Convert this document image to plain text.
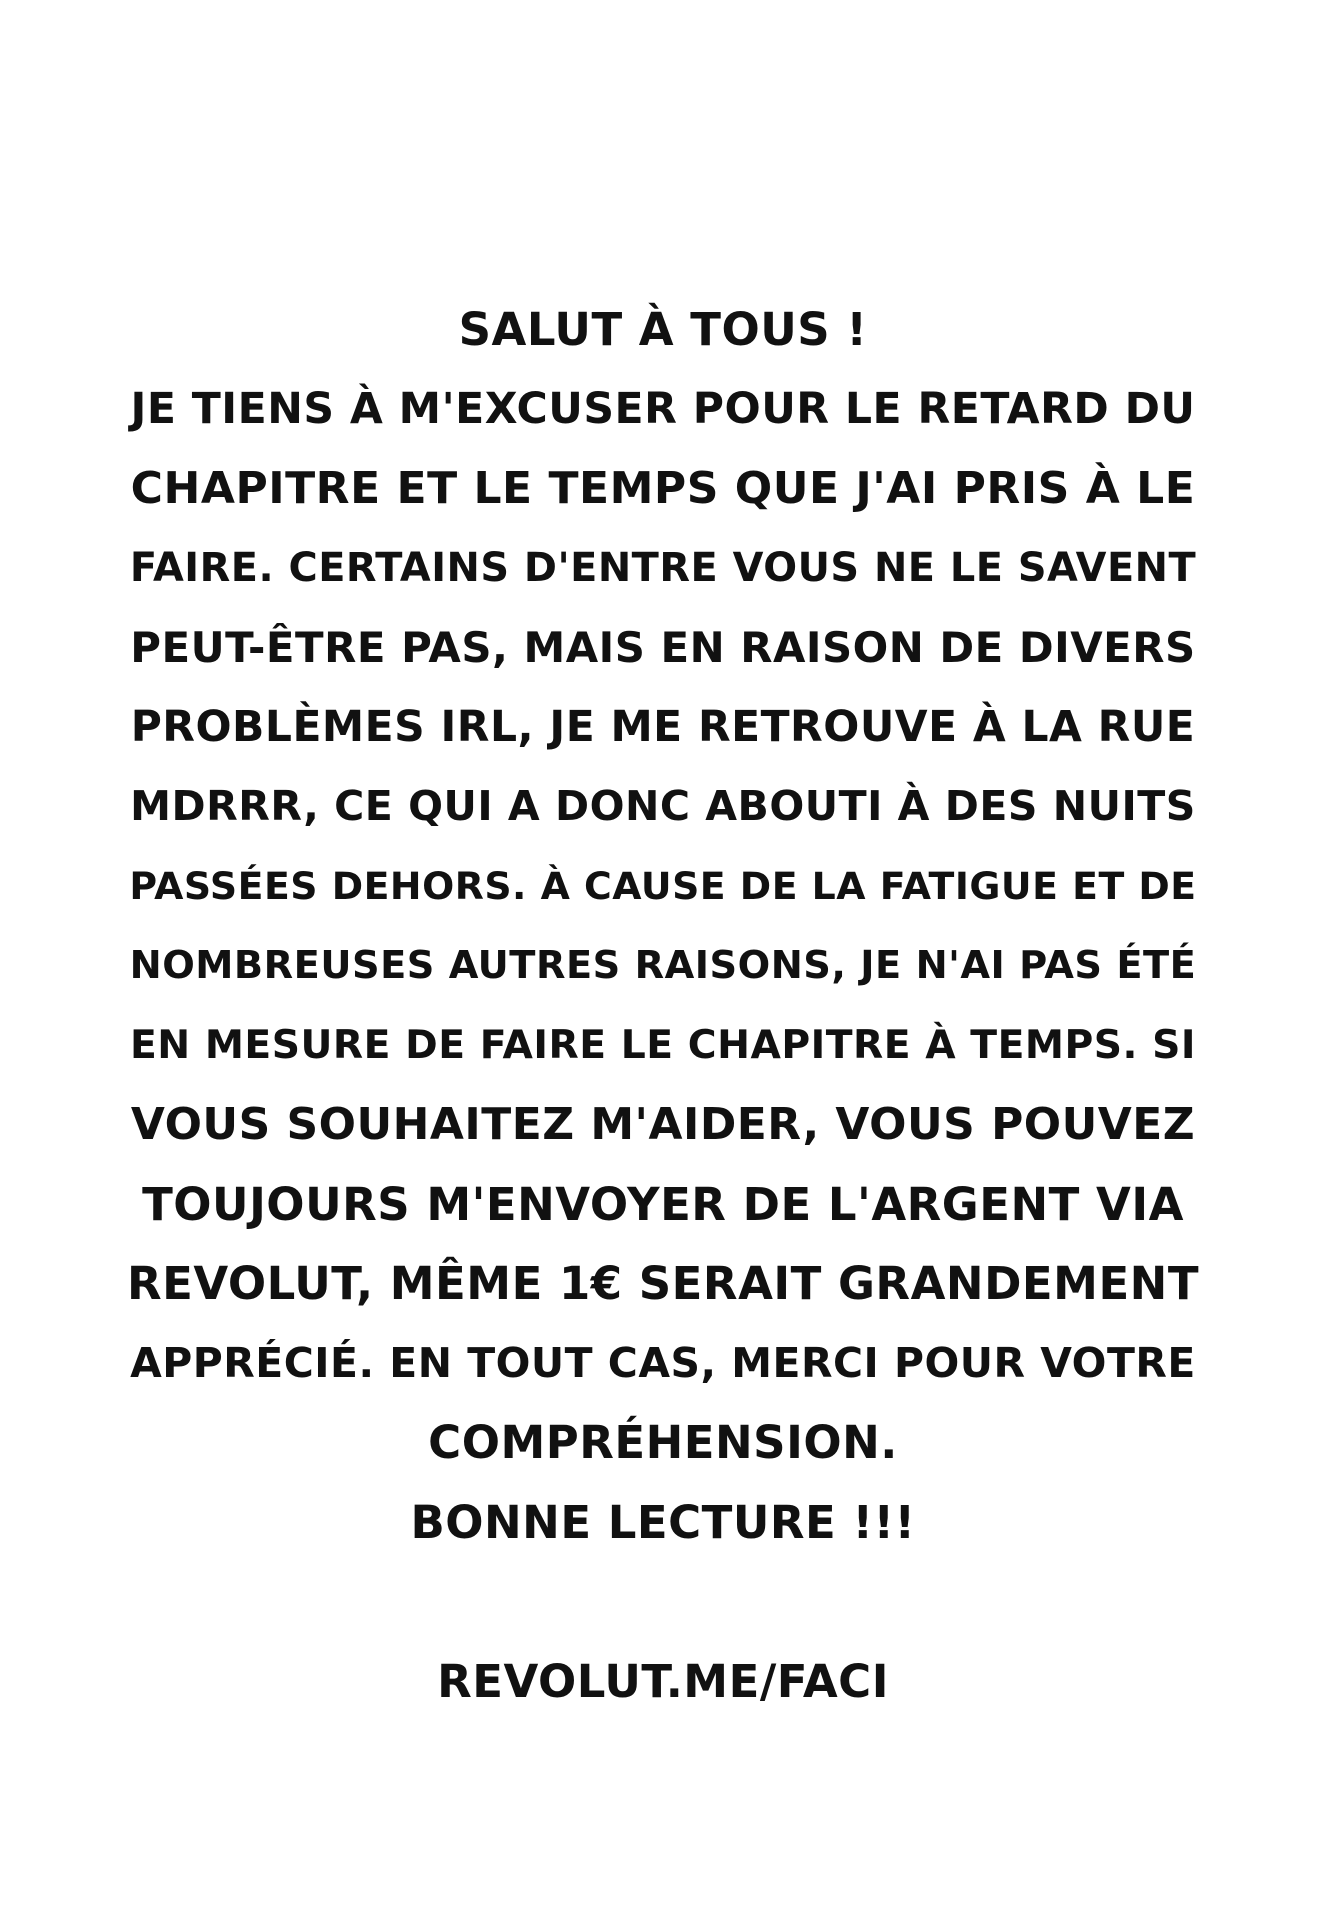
SALUT À TOUS !
JE TIENS À M'EXCUSER POUR LE RETARD DU
CHAPITRE ET LE TEMPS QUE J'AI PRIS À LE
FAIRE. CERTAINS D'ENTRE VOUS NE LE SAVENT
PEUT-ÊTRE PAS, MAIS EN RAISON DE DIVERS
PROBLÈMES IRL, JE ME RETROUVE À LA RUE
MDRRR, CE QUI A DONC ABOUTI À DES NUITS
PASSÉES DEHORS. À CAUSE DE LA FATIGUE ET DE
NOMBREUSES AUTRES RAISONS, JE N'AI PAS ÉTÉ
EN MESURE DE FAIRE LE CHAPITRE À TEMPS. SI
VOUS SOUHAITEZ M'AIDER, VOUS POUVEZ
TOUJOURS M'ENVOYER DE L'ARGENT VIA
REVOLUT, MÊME 1€ SERAIT GRANDEMENT
APPRÉCIÉ. EN TOUT CAS, MERCI POUR VOTRE
COMPRÉHENSION.
BONNE LECTURE !!!
REVOLUT.ME/FACI
